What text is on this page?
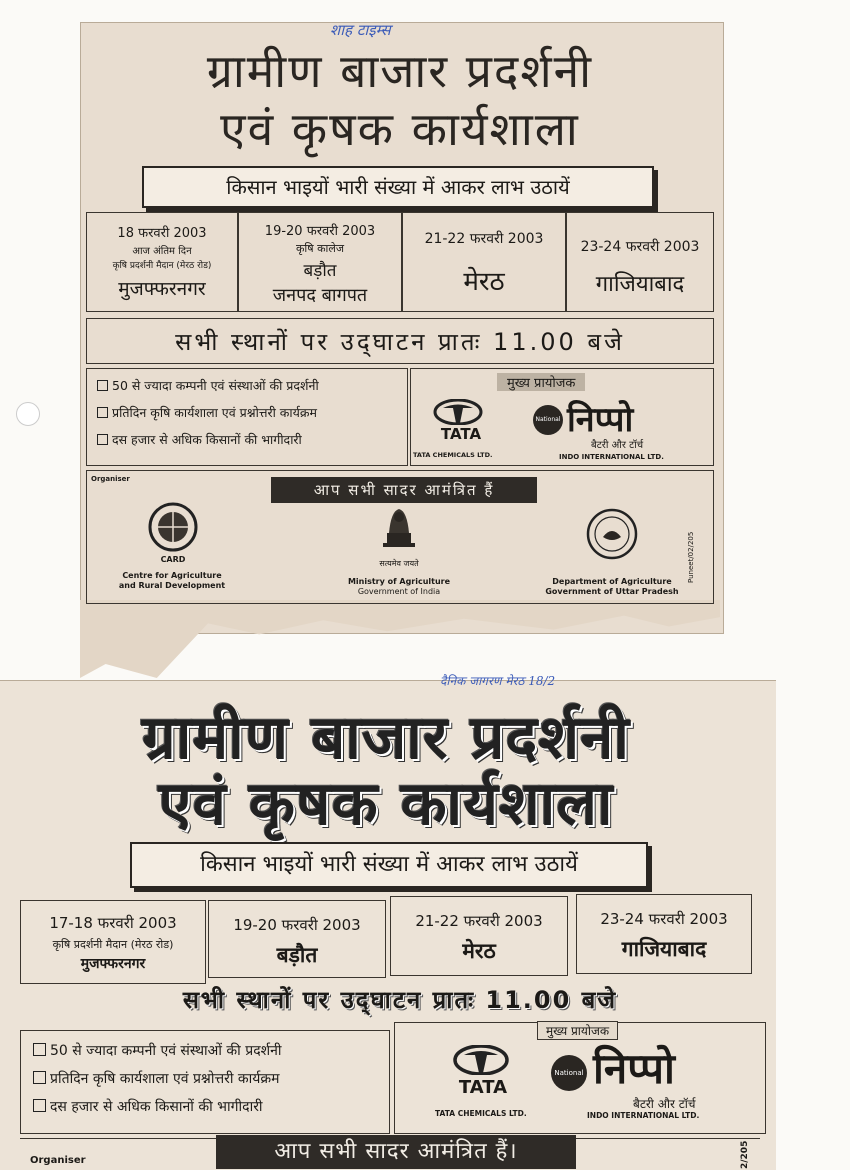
शाह टाइम्स
ग्रामीण बाजार प्रदर्शनी
एवं कृषक कार्यशाला
किसान भाइयों भारी संख्या में आकर लाभ उठायें
18 फरवरी 2003
आज अंतिम दिन
कृषि प्रदर्शनी मैदान (मेरठ रोड)
मुजफ्फरनगर
19-20 फरवरी 2003
कृषि कालेज
बड़ौत
जनपद बागपत
21-22 फरवरी 2003
मेरठ
23-24 फरवरी 2003
गाजियाबाद
सभी स्थानों पर उद्‍घाटन प्रातः 11.00 बजे
50 से ज्यादा कम्पनी एवं संस्थाओं की प्रदर्शनी
प्रतिदिन कृषि कार्यशाला एवं प्रश्नोत्तरी कार्यक्रम
दस हजार से अधिक किसानों की भागीदारी
मुख्य प्रायोजक
TATA
TATA CHEMICALS LTD.
National निप्पो
बैटरी और टॉर्च
INDO INTERNATIONAL LTD.
Organiser
आप सभी सादर आमंत्रित हैं
CARD
Centre for Agriculture
and Rural Development
सत्यमेव जयते
Ministry of Agriculture
Government of India
Department of Agriculture
Government of Uttar Pradesh
Puneet/02/205
दैनिक जागरण मेरठ 18/2
ग्रामीण बाजार प्रदर्शनी
एवं कृषक कार्यशाला
किसान भाइयों भारी संख्या में आकर लाभ उठायें
17-18 फरवरी 2003
कृषि प्रदर्शनी मैदान (मेरठ रोड)
मुजफ्फरनगर
19-20 फरवरी 2003
बड़ौत
21-22 फरवरी 2003
मेरठ
23-24 फरवरी 2003
गाजियाबाद
सभी स्थानों पर उद्‍घाटन प्रातः 11.00 बजे
50 से ज्यादा कम्पनी एवं संस्थाओं की प्रदर्शनी
प्रतिदिन कृषि कार्यशाला एवं प्रश्नोत्तरी कार्यक्रम
दस हजार से अधिक किसानों की भागीदारी
मुख्य प्रायोजक
TATA
TATA CHEMICALS LTD.
National निप्पो
बैटरी और टॉर्च
INDO INTERNATIONAL LTD.
Organiser	आप सभी सादर आमंत्रित हैं।	2/205
